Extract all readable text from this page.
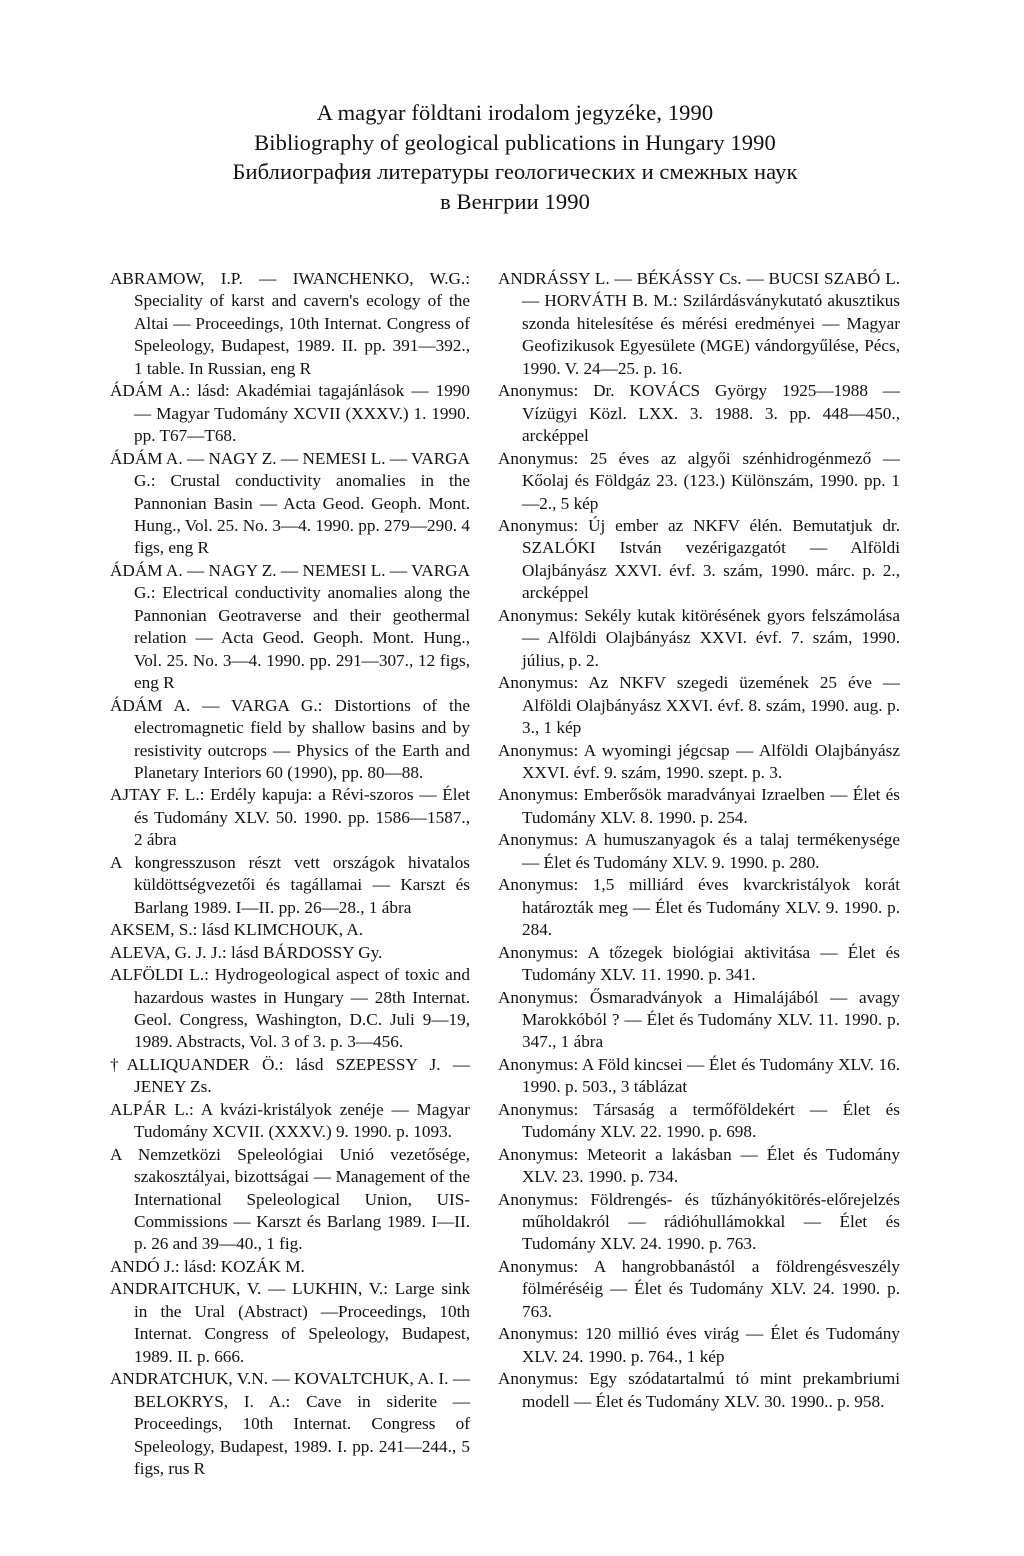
A magyar földtani irodalom jegyzéke, 1990
Bibliography of geological publications in Hungary 1990
Библиография литературы геологических и смежных наук
в Венгрии 1990

ABRAMOW, I.P. — IWANCHENKO, W.G.: Speciality of karst and cavern's ecology of the Altai — Proceedings, 10th Internat. Congress of Speleology, Budapest, 1989. II. pp. 391—392., 1 table. In Russian, eng R

ÁDÁM A.: lásd: Akadémiai tagajánlások — 1990 — Magyar Tudomány XCVII (XXXV.) 1. 1990. pp. T67—T68.

ÁDÁM A. — NAGY Z. — NEMESI L. — VARGA G.: Crustal conductivity anomalies in the Pannonian Basin — Acta Geod. Geoph. Mont. Hung., Vol. 25. No. 3—4. 1990. pp. 279—290. 4 figs, eng R

ÁDÁM A. — NAGY Z. — NEMESI L. — VARGA G.: Electrical conductivity anomalies along the Pannonian Geotraverse and their geothermal relation — Acta Geod. Geoph. Mont. Hung., Vol. 25. No. 3—4. 1990. pp. 291—307., 12 figs, eng R

ÁDÁM A. — VARGA G.: Distortions of the electromagnetic field by shallow basins and by resistivity outcrops — Physics of the Earth and Planetary Interiors 60 (1990), pp. 80—88.

AJTAY F. L.: Erdély kapuja: a Révi-szoros — Élet és Tudomány XLV. 50. 1990. pp. 1586—1587., 2 ábra

A kongresszuson részt vett országok hivatalos küldöttségvezetői és tagállamai — Karszt és Barlang 1989. I—II. pp. 26—28., 1 ábra

AKSEM, S.: lásd KLIMCHOUK, A.

ALEVA, G. J. J.: lásd BÁRDOSSY Gy.

ALFÖLDI L.: Hydrogeological aspect of toxic and hazardous wastes in Hungary — 28th Internat. Geol. Congress, Washington, D.C. Juli 9—19, 1989. Abstracts, Vol. 3 of 3. p. 3—456.

†ALLIQUANDER Ö.: lásd SZEPESSY J. — JENEY Zs.

ALPÁR L.: A kvázi-kristályok zenéje — Magyar Tudomány XCVII. (XXXV.) 9. 1990. p. 1093.

A Nemzetközi Speleológiai Unió vezetősége, szakosztályai, bizottságai — Management of the International Speleological Union, UIS-Commissions — Karszt és Barlang 1989. I—II. p. 26 and 39—40., 1 fig.

ANDÓ J.: lásd: KOZÁK M.

ANDRAITCHUK, V. — LUKHIN, V.: Large sink in the Ural (Abstract) —Proceedings, 10th Internat. Congress of Speleology, Budapest, 1989. II. p. 666.

ANDRATCHUK, V.N. — KOVALTCHUK, A. I. — BELOKRYS, I. A.: Cave in siderite — Proceedings, 10th Internat. Congress of Speleology, Budapest, 1989. I. pp. 241—244., 5 figs, rus R

ANDRÁSSY L. — BÉKÁSSY Cs. — BUCSI SZABÓ L. — HORVÁTH B. M.: Szilárdásványkutató akusztikus szonda hitelesítése és mérési eredményei — Magyar Geofizikusok Egyesülete (MGE) vándorgyűlése, Pécs, 1990. V. 24—25. p. 16.

Anonymus: Dr. KOVÁCS György 1925—1988 — Vízügyi Közl. LXX. 3. 1988. 3. pp. 448—450., arcképpel

Anonymus: 25 éves az algyői szénhidrogénmező — Kőolaj és Földgáz 23. (123.) Különszám, 1990. pp. 1—2., 5 kép

Anonymus: Új ember az NKFV élén. Bemutatjuk dr. SZALÓKI István vezérigazgatót — Alföldi Olajbányász XXVI. évf. 3. szám, 1990. márc. p. 2., arcképpel

Anonymus: Sekély kutak kitörésének gyors felszámolása — Alföldi Olajbányász XXVI. évf. 7. szám, 1990. július, p. 2.

Anonymus: Az NKFV szegedi üzemének 25 éve — Alföldi Olajbányász XXVI. évf. 8. szám, 1990. aug. p. 3., 1 kép

Anonymus: A wyomingi jégcsap — Alföldi Olajbányász XXVI. évf. 9. szám, 1990. szept. p. 3.

Anonymus: Emberősök maradványai Izraelben — Élet és Tudomány XLV. 8. 1990. p. 254.

Anonymus: A humuszanyagok és a talaj termékenysége — Élet és Tudomány XLV. 9. 1990. p. 280.

Anonymus: 1,5 milliárd éves kvarckristályok korát határozták meg — Élet és Tudomány XLV. 9. 1990. p. 284.

Anonymus: A tőzegek biológiai aktivitása — Élet és Tudomány XLV. 11. 1990. p. 341.

Anonymus: Ősmaradványok a Himalájából — avagy Marokkóból ? — Élet és Tudomány XLV. 11. 1990. p. 347., 1 ábra

Anonymus: A Föld kincsei — Élet és Tudomány XLV. 16. 1990. p. 503., 3 táblázat

Anonymus: Társaság a termőföldekért — Élet és Tudomány XLV. 22. 1990. p. 698.

Anonymus: Meteorit a lakásban — Élet és Tudomány XLV. 23. 1990. p. 734.

Anonymus: Földrengés- és tűzhányókitörés-előrejelzés műholdakról — rádióhullámokkal — Élet és Tudomány XLV. 24. 1990. p. 763.

Anonymus: A hangrobbanástól a földrengésveszély fölméréséig — Élet és Tudomány XLV. 24. 1990. p. 763.

Anonymus: 120 millió éves virág — Élet és Tudomány XLV. 24. 1990. p. 764., 1 kép

Anonymus: Egy szódatartalmú tó mint prekambriumi modell — Élet és Tudomány XLV. 30. 1990.. p. 958.
